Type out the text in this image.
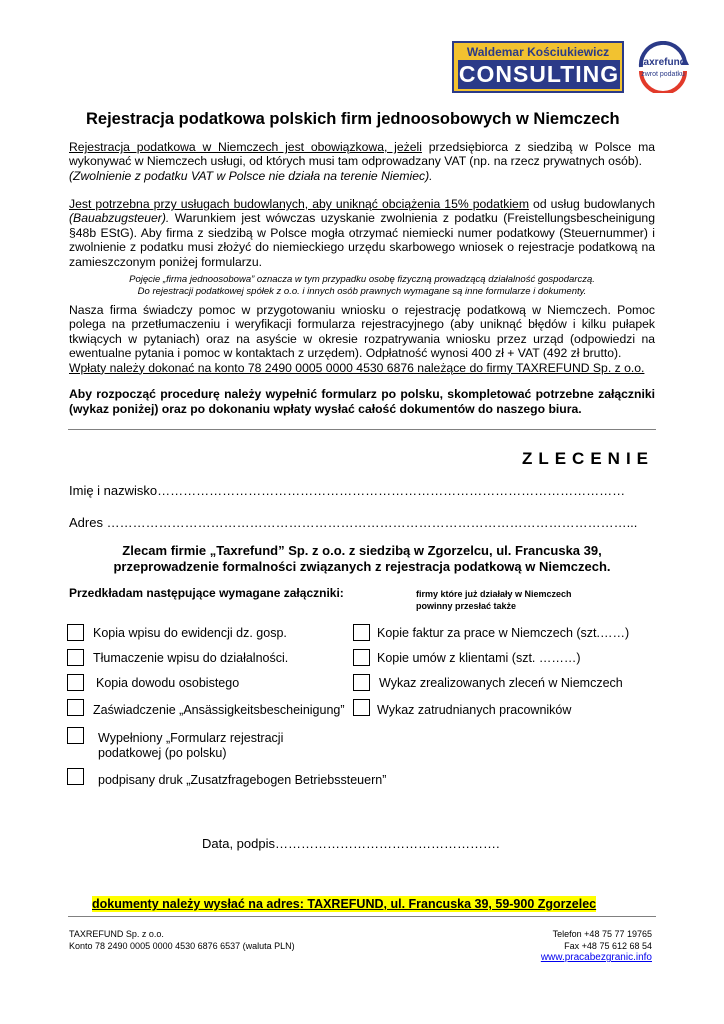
Waldemar Kościukiewicz
CONSULTING	taxrefund
zwrot podatku
Rejestracja podatkowa polskich firm jednoosobowych w Niemczech

Rejestracja podatkowa w Niemczech jest obowiązkowa, jeżeli przedsiębiorca z siedzibą w Polsce ma wykonywać w Niemczech usługi, od których musi tam odprowadzany VAT (np. na rzecz prywatnych osób).

(Zwolnienie z podatku VAT w Polsce nie działa na terenie Niemiec).

Jest potrzebna przy usługach budowlanych, aby uniknąć obciążenia 15% podatkiem od usług budowlanych (Bauabzugsteuer). Warunkiem jest wówczas uzyskanie zwolnienia z podatku (Freistellungsbescheinigung §48b EStG). Aby firma z siedzibą w Polsce mogła otrzymać niemiecki numer podatkowy (Steuernummer) i zwolnienie z podatku musi złożyć do niemieckiego urzędu skarbowego wniosek o rejestracje podatkową na zamieszczonym poniżej formularzu.

Pojęcie „firma jednoosobowa” oznacza w tym przypadku osobę fizyczną prowadzącą działalność gospodarczą.
Do rejestracji podatkowej spółek z o.o. i innych osób prawnych wymagane są inne formularze i dokumenty.

Nasza firma świadczy pomoc w przygotowaniu wniosku o rejestrację podatkową w Niemczech. Pomoc polega na przetłumaczeniu i weryfikacji formularza rejestracyjnego (aby uniknąć błędów i kilku pułapek tkwiących w pytaniach) oraz na asyście w okresie rozpatrywania wniosku przez urząd (odpowiedzi na ewentualne pytania i pomoc w kontaktach z urzędem). Odpłatność wynosi 400 zł + VAT (492 zł brutto).

Wpłaty należy dokonać na konto 78 2490 0005 0000 4530 6876 należące do firmy TAXREFUND Sp. z o.o.

Aby rozpocząć procedurę należy wypełnić formularz po polsku, skompletować potrzebne załączniki (wykaz poniżej) oraz po dokonaniu wpłaty wysłać całość dokumentów do naszego biura.
ZLECENIE
Imię i nazwisko………………………………………………………………………………………………
Adres …………………………………………………………………………………………………………...
Zlecam firmie „Taxrefund” Sp. z o.o. z siedzibą w Zgorzelcu, ul. Francuska 39,
przeprowadzenie formalności związanych z rejestracja podatkową w Niemczech.
Przedkładam następujące wymagane załączniki:	firmy które już działały w Niemczech
powinny przesłać także
Kopia wpisu do ewidencji dz. gosp.
Tłumaczenie wpisu do działalności.
Kopia dowodu osobistego
Zaświadczenie „Ansässigkeitsbescheinigung”
Wypełniony „Formularz rejestracji
podatkowej (po polsku)
podpisany druk „Zusatzfragebogen Betriebssteuern”
Kopie faktur za prace w Niemczech (szt.……)
Kopie umów z klientami (szt. ………)
Wykaz zrealizowanych zleceń w Niemczech
Wykaz zatrudnianych pracowników
Data, podpis…………………………………………….
dokumenty należy wysłać na adres: TAXREFUND, ul. Francuska 39, 59-900 Zgorzelec
TAXREFUND Sp. z o.o.
Konto 78 2490 0005 0000 4530 6876 6537 (waluta PLN)
Telefon +48 75 77 19765
Fax +48 75 612 68 54
www.pracabezgranic.info
